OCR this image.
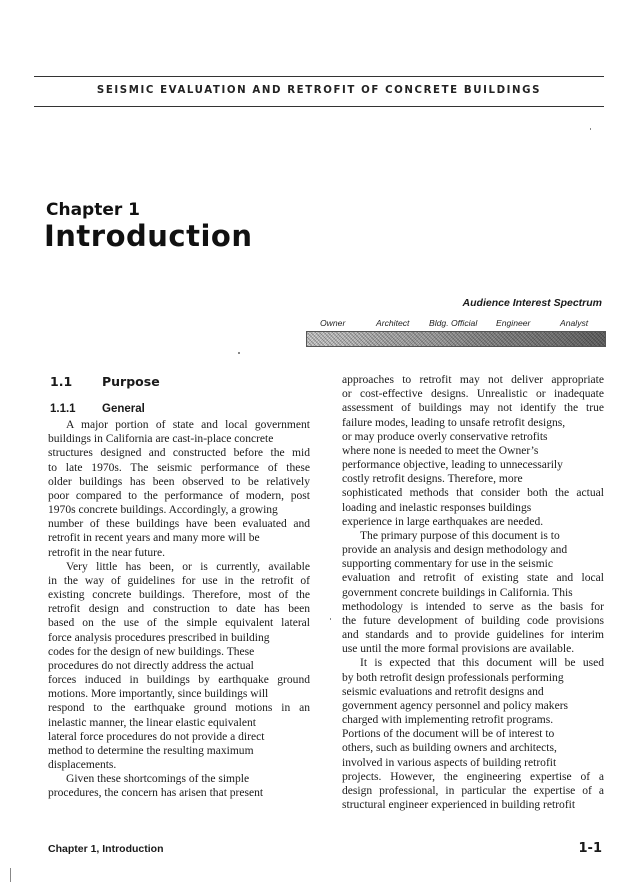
SEISMIC EVALUATION AND RETROFIT OF CONCRETE BUILDINGS
Chapter 1
Introduction
Audience Interest Spectrum
Owner	Architect Bldg. Official Engineer	Analyst
1.1 Purpose
1.1.1 General
A major portion of state and local government
buildings in California are cast-in-place concrete
structures designed and constructed before the mid
to late 1970s. The seismic performance of these
older buildings has been observed to be relatively
poor compared to the performance of modern, post
1970s concrete buildings. Accordingly, a growing
number of these buildings have been evaluated and
retrofit in recent years and many more will be
retrofit in the near future.
Very little has been, or is currently, available
in the way of guidelines for use in the retrofit of
existing concrete buildings. Therefore, most of the
retrofit design and construction to date has been
based on the use of the simple equivalent lateral
force analysis procedures prescribed in building
codes for the design of new buildings. These
procedures do not directly address the actual
forces induced in buildings by earthquake ground
motions. More importantly, since buildings will
respond to the earthquake ground motions in an
inelastic manner, the linear elastic equivalent
lateral force procedures do not provide a direct
method to determine the resulting maximum
displacements.
Given these shortcomings of the simple
procedures, the concern has arisen that present
approaches to retrofit may not deliver appropriate
or cost-effective designs. Unrealistic or inadequate
assessment of buildings may not identify the true
failure modes, leading to unsafe retrofit designs,
or may produce overly conservative retrofits
where none is needed to meet the Owner’s
performance objective, leading to unnecessarily
costly retrofit designs. Therefore, more
sophisticated methods that consider both the actual
loading and inelastic responses buildings
experience in large earthquakes are needed.
The primary purpose of this document is to
provide an analysis and design methodology and
supporting commentary for use in the seismic
evaluation and retrofit of existing state and local
government concrete buildings in California. This
methodology is intended to serve as the basis for
the future development of building code provisions
and standards and to provide guidelines for interim
use until the more formal provisions are available.
It is expected that this document will be used
by both retrofit design professionals performing
seismic evaluations and retrofit designs and
government agency personnel and policy makers
charged with implementing retrofit programs.
Portions of the document will be of interest to
others, such as building owners and architects,
involved in various aspects of building retrofit
projects. However, the engineering expertise of a
design professional, in particular the expertise of a
structural engineer experienced in building retrofit
Chapter 1, Introduction	1-1
